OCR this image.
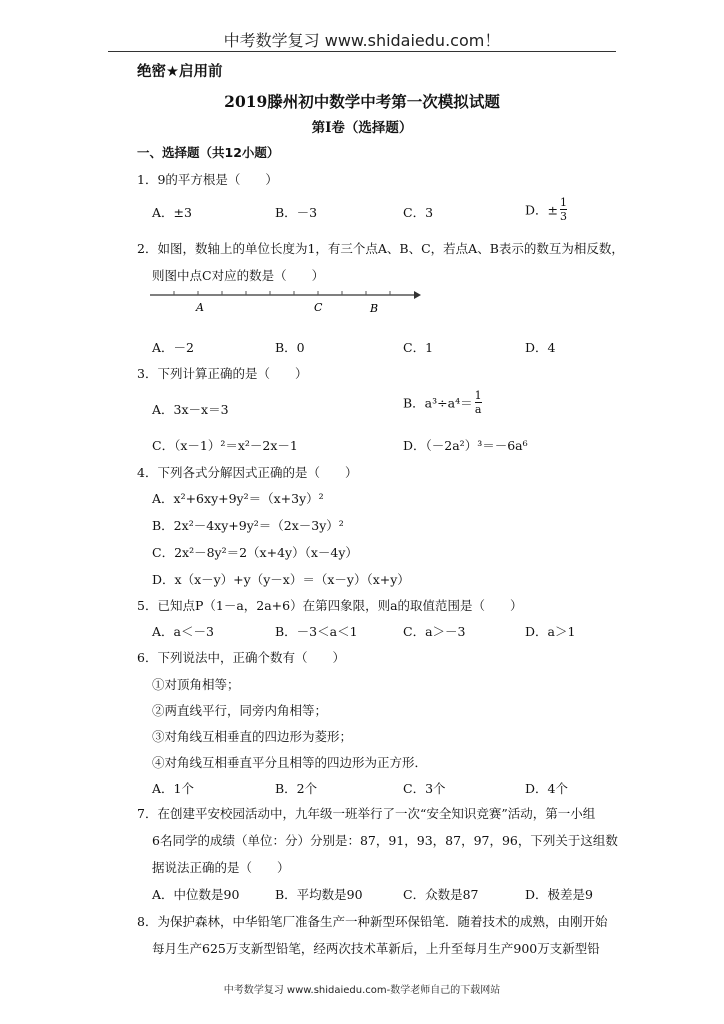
中考数学复习 www.shidaiedu.com！
绝密★启用前
2019滕州初中数学中考第一次模拟试题
第Ⅰ卷（选择题）
一、选择题（共12小题）
1．9的平方根是（　　）
A．±3	B．－3	C．3	D．± $\frac{1}{3}$
2．如图，数轴上的单位长度为1，有三个点A、B、C，若点A、B表示的数互为相反数，
则图中点C对应的数是（　　）
A	C	B
A．－2	B．0	C．1	D．4
3．下列计算正确的是（　　）
A．3x－x＝3	B．$a^3\div a^4= \frac{1}{a}$
C．（x－1）²＝x²－2x－1	D．（－2a²）³＝－6a⁶
4．下列各式分解因式正确的是（　　）
A．x²+6xy+9y²＝（x+3y）²
B．2x²－4xy+9y²＝（2x－3y）²
C．2x²－8y²＝2（x+4y）（x－4y）
D．x（x－y）+y（y－x）＝（x－y）（x+y）
5．已知点P（1－a，2a+6）在第四象限，则a的取值范围是（　　）
A．a＜－3	B．－3＜a＜1	C．a＞－3	D．a＞1
6．下列说法中，正确个数有（　　）
①对顶角相等；
②两直线平行，同旁内角相等；
③对角线互相垂直的四边形为菱形；
④对角线互相垂直平分且相等的四边形为正方形．
A．1个	B．2个	C．3个	D．4个
7．在创建平安校园活动中，九年级一班举行了一次“安全知识竞赛”活动，第一小组
6名同学的成绩（单位：分）分别是：87，91，93，87，97，96，下列关于这组数
据说法正确的是（　　）
A．中位数是90	B．平均数是90	C．众数是87	D．极差是9
8．为保护森林，中华铅笔厂准备生产一种新型环保铅笔．随着技术的成熟，由刚开始
每月生产625万支新型铅笔，经两次技术革新后，上升至每月生产900万支新型铅
中考数学复习 www.shidaiedu.com-数学老师自己的下载网站
